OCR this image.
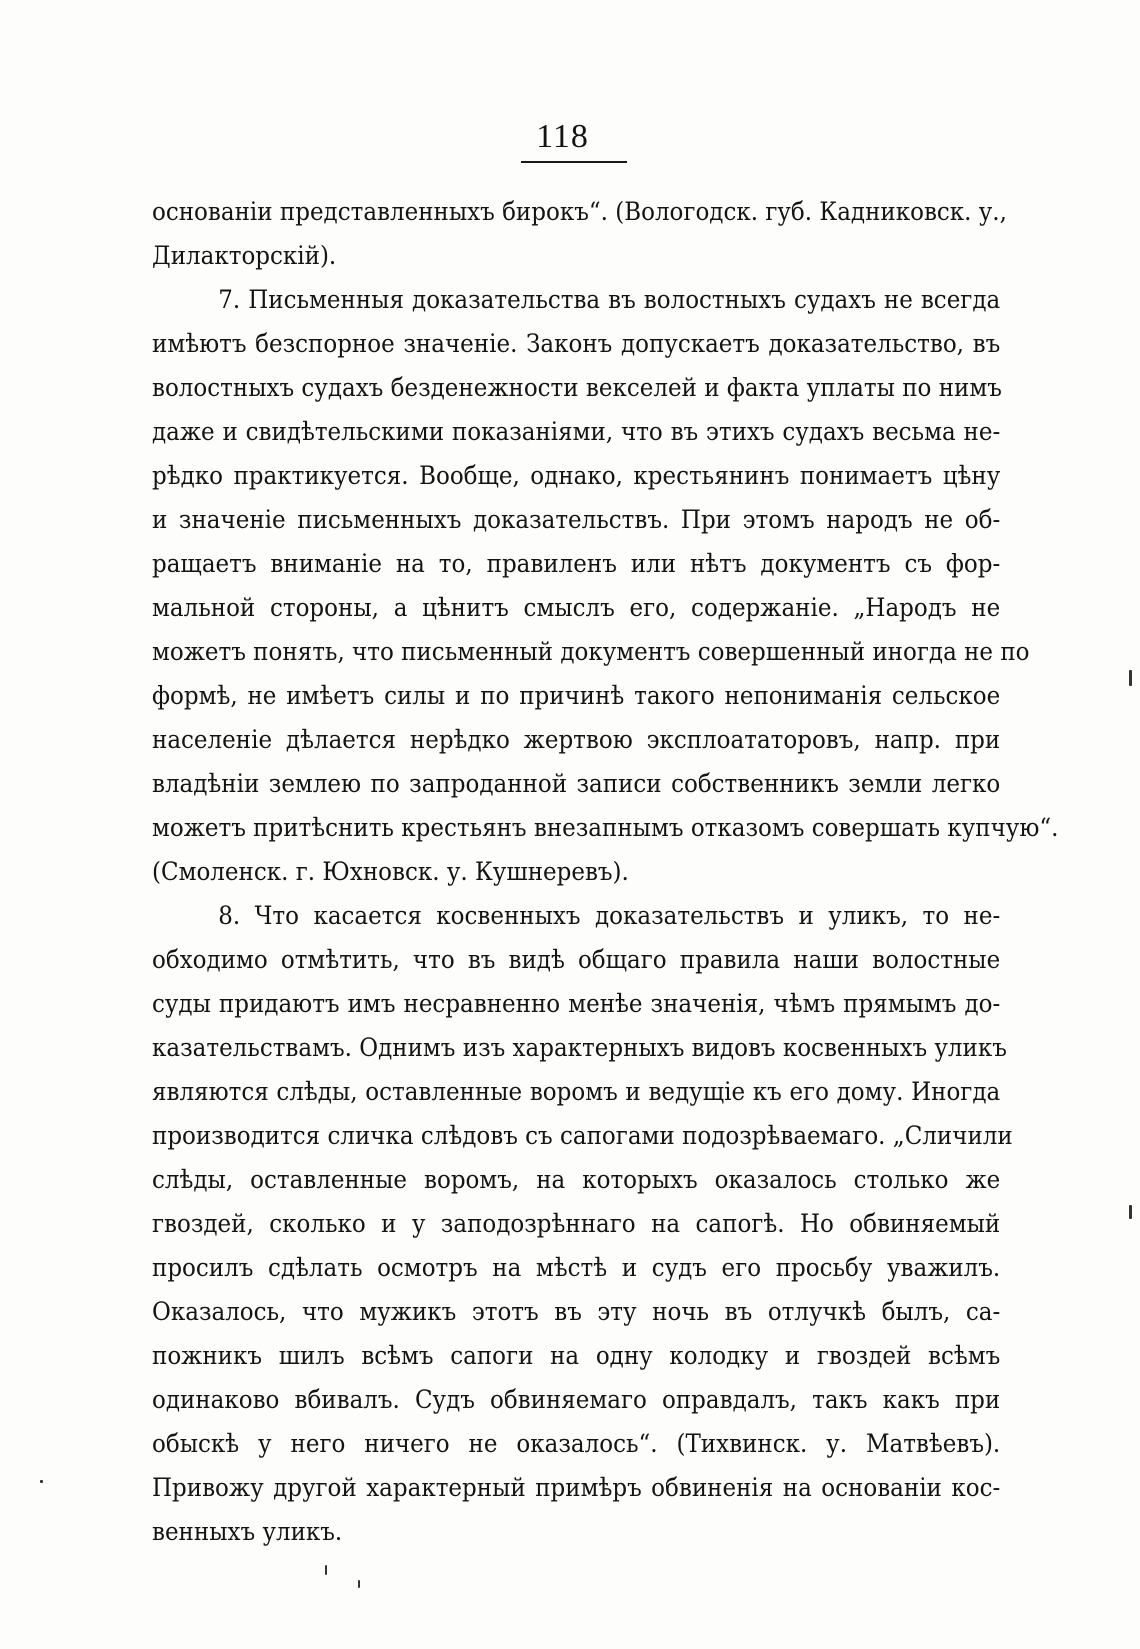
118
основаніи представленныхъ бирокъ“. (Вологодск. губ. Кадниковск. у.,
Дилакторскій).
7. Письменныя доказательства въ волостныхъ судахъ не всегда
имѣютъ безспорное значеніе. Законъ допускаетъ доказательство, въ
волостныхъ судахъ безденежности векселей и факта уплаты по нимъ
даже и свидѣтельскими показаніями, что въ этихъ судахъ весьма не-
рѣдко практикуется. Вообще, однако, крестьянинъ понимаетъ цѣну
и значеніе письменныхъ доказательствъ. При этомъ народъ не об-
ращаетъ вниманіе на то, правиленъ или нѣтъ документъ съ фор-
мальной стороны, а цѣнитъ смыслъ его, содержаніе. „Народъ не
можетъ понять, что письменный документъ совершенный иногда не по
формѣ, не имѣетъ силы и по причинѣ такого непониманія сельское
населеніе дѣлается нерѣдко жертвою эксплоататоровъ, напр. при
владѣніи землею по запроданной записи собственникъ земли легко
можетъ притѣснить крестьянъ внезапнымъ отказомъ совершать купчую“.
(Смоленск. г. Юхновск. у. Кушнеревъ).
8. Что касается косвенныхъ доказательствъ и уликъ, то не-
обходимо отмѣтить, что въ видѣ общаго правила наши волостные
суды придаютъ имъ несравненно менѣе значенія, чѣмъ прямымъ до-
казательствамъ. Однимъ изъ характерныхъ видовъ косвенныхъ уликъ
являются слѣды, оставленные воромъ и ведущіе къ его дому. Иногда
производится сличка слѣдовъ съ сапогами подозрѣваемаго. „Сличили
слѣды, оставленные воромъ, на которыхъ оказалось столько же
гвоздей, сколько и у заподозрѣннаго на сапогѣ. Но обвиняемый
просилъ сдѣлать осмотръ на мѣстѣ и судъ его просьбу уважилъ.
Оказалось, что мужикъ этотъ въ эту ночь въ отлучкѣ былъ, са-
пожникъ шилъ всѣмъ сапоги на одну колодку и гвоздей всѣмъ
одинаково вбивалъ. Судъ обвиняемаго оправдалъ, такъ какъ при
обыскѣ у него ничего не оказалось“. (Тихвинск. у. Матвѣевъ).
Привожу другой характерный примѣръ обвиненія на основаніи кос-
венныхъ уликъ.
